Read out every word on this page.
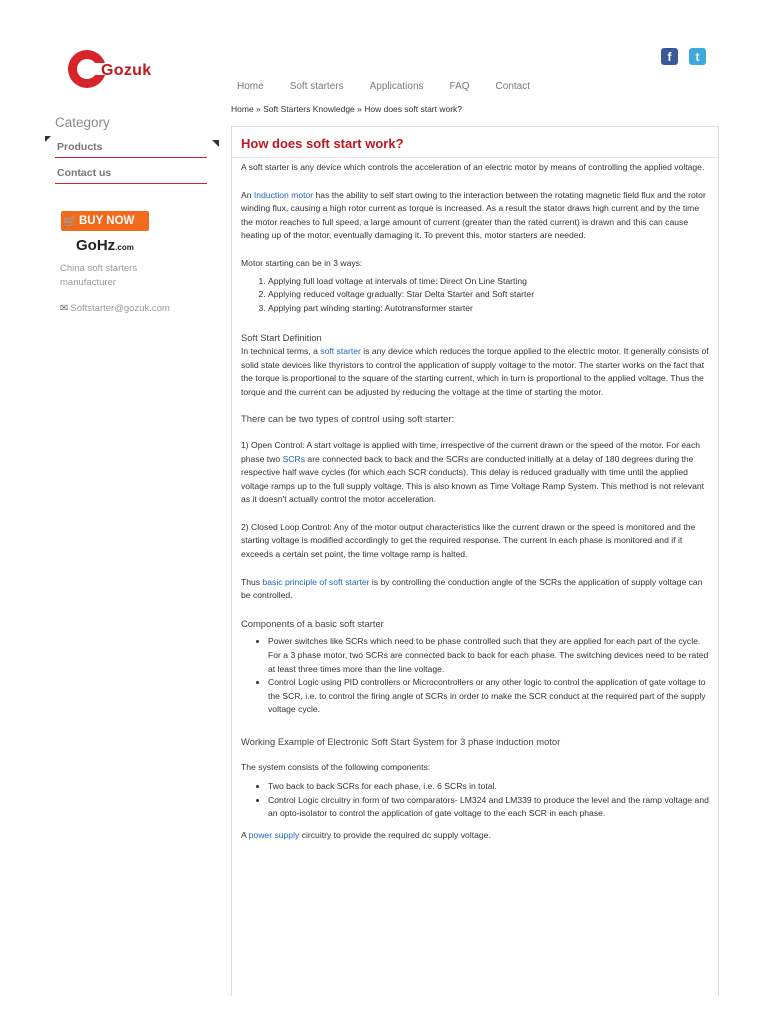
Gozuk
f	t
Home	Soft starters	Applications	FAQ	Contact
Home » Soft Starters Knowledge » How does soft start work?
Category
Products
Contact us
🛒 BUY NOW
GoHz.com
China soft starters manufacturer
✉ Softstarter@gozuk.com
How does soft start work?

A soft starter is any device which controls the acceleration of an electric motor by means of controlling the applied voltage.

An Induction motor has the ability to self start owing to the interaction between the rotating magnetic field flux and the rotor winding flux, causing a high rotor current as torque is increased. As a result the stator draws high current and by the time the motor reaches to full speed, a large amount of current (greater than the rated current) is drawn and this can cause heating up of the motor, eventually damaging it. To prevent this, motor starters are needed.

Motor starting can be in 3 ways:

1. Applying full load voltage at intervals of time: Direct On Line Starting
2. Applying reduced voltage gradually: Star Delta Starter and Soft starter
3. Applying part winding starting: Autotransformer starter

Soft Start Definition

In technical terms, a soft starter is any device which reduces the torque applied to the electric motor. It generally consists of solid state devices like thyristors to control the application of supply voltage to the motor. The starter works on the fact that the torque is proportional to the square of the starting current, which in turn is proportional to the applied voltage. Thus the torque and the current can be adjusted by reducing the voltage at the time of starting the motor.

There can be two types of control using soft starter:

1) Open Control: A start voltage is applied with time, irrespective of the current drawn or the speed of the motor. For each phase two SCRs are connected back to back and the SCRs are conducted initially at a delay of 180 degrees during the respective half wave cycles (for which each SCR conducts). This delay is reduced gradually with time until the applied voltage ramps up to the full supply voltage. This is also known as Time Voltage Ramp System. This method is not relevant as it doesn't actually control the motor acceleration.

2) Closed Loop Control: Any of the motor output characteristics like the current drawn or the speed is monitored and the starting voltage is modified accordingly to get the required response. The current in each phase is monitored and if it exceeds a certain set point, the time voltage ramp is halted.

Thus basic principle of soft starter is by controlling the conduction angle of the SCRs the application of supply voltage can be controlled.

Components of a basic soft starter

• Power switches like SCRs which need to be phase controlled such that they are applied for each part of the cycle. For a 3 phase motor, two SCRs are connected back to back for each phase. The switching devices need to be rated at least three times more than the line voltage.
• Control Logic using PID controllers or Microcontrollers or any other logic to control the application of gate voltage to the SCR, i.e. to control the firing angle of SCRs in order to make the SCR conduct at the required part of the supply voltage cycle.

Working Example of Electronic Soft Start System for 3 phase induction motor

The system consists of the following components:

• Two back to back SCRs for each phase, i.e. 6 SCRs in total.
• Control Logic circuitry in form of two comparators- LM324 and LM339 to produce the level and the ramp voltage and an opto-isolator to control the application of gate voltage to the each SCR in each phase.

A power supply circuitry to provide the required dc supply voltage.
